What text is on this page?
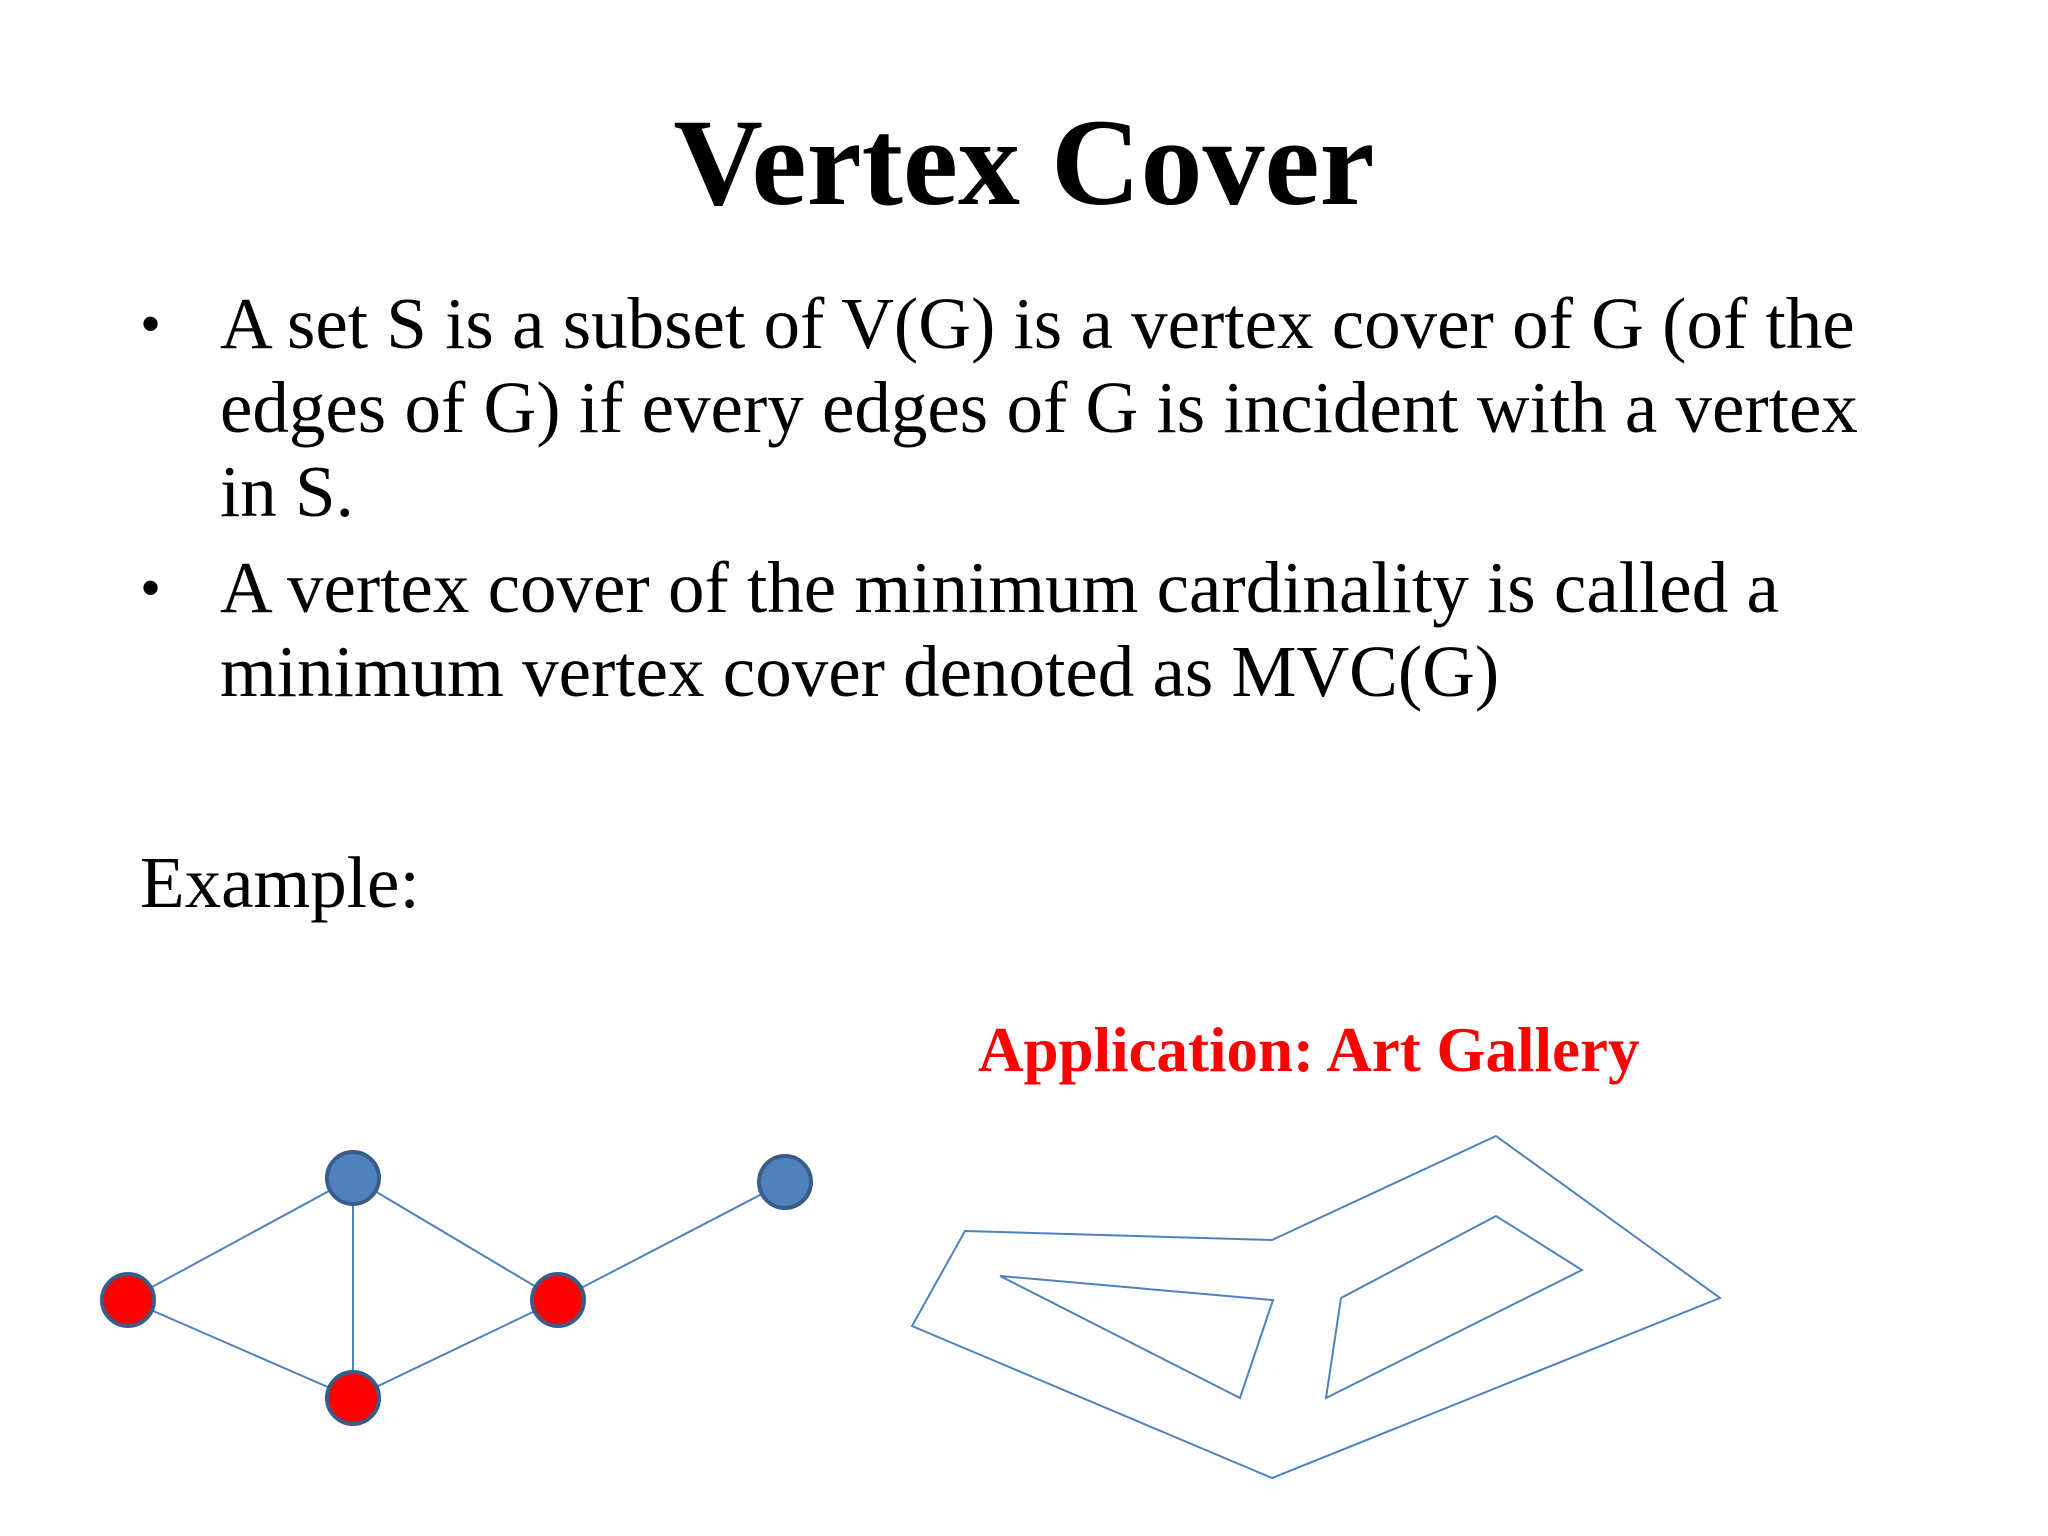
Vertex Cover
• A set S is a subset of V(G) is a vertex cover of G (of the edges of G) if every edges of G is incident with a vertex in S.
• A vertex cover of the minimum cardinality is called a minimum vertex cover denoted as MVC(G)

Example:

Application: Art Gallery
